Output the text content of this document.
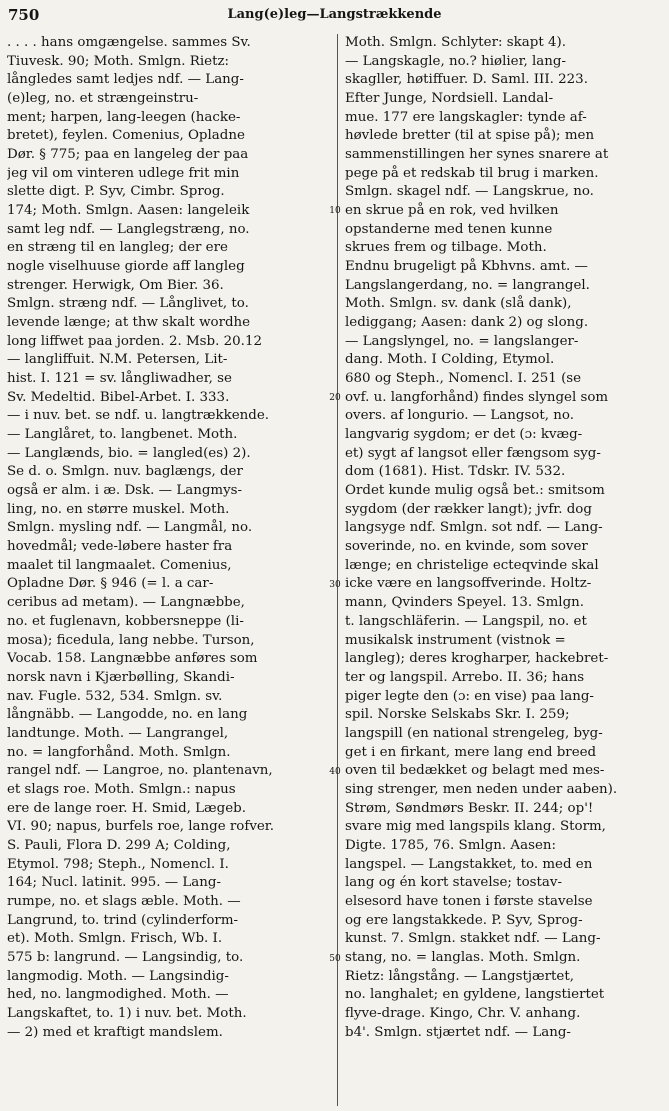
750	Lang(e)leg—Langstrækkende
. . . . hans omgængelse. sammes Sv.
Tiuvesk. 90; Moth. Smlgn. Rietz:
långledes samt ledjes ndf. — Lang-
(e)leg, no. et strængeinstru-
ment; harpen, lang-leegen (hacke-
bretet), feylen. Comenius, Opladne
Dør. § 775; paa en langeleg der paa
jeg vil om vinteren udlege frit min
slette digt. P. Syv, Cimbr. Sprog.
174; Moth. Smlgn. Aasen: langeleik
samt leg ndf. — Langlegstræng, no.
en stræng til en langleg; der ere
nogle viselhuuse giorde aff langleg
strenger. Herwigk, Om Bier. 36.
Smlgn. stræng ndf. — Långlivet, to.
levende længe; at thw skalt wordhe
long liffwet paa jorden. 2. Msb. 20.12
— langliffuit. N.M. Petersen, Lit-
hist. I. 121 = sv. långliwadher, se
Sv. Medeltid. Bibel-Arbet. I. 333.
— i nuv. bet. se ndf. u. langtrækkende.
— Langlåret, to. langbenet. Moth.
— Langlænds, bio. = langled(es) 2).
Se d. o. Smlgn. nuv. baglængs, der
også er alm. i æ. Dsk. — Langmys-
ling, no. en større muskel. Moth.
Smlgn. mysling ndf. — Langmål, no.
hovedmål; vede-løbere haster fra
maalet til langmaalet. Comenius,
Opladne Dør. § 946 (= l. a car-
ceribus ad metam). — Langnæbbe,
no. et fuglenavn, kobbersneppe (li-
mosa); ficedula, lang nebbe. Turson,
Vocab. 158. Langnæbbe anføres som
norsk navn i Kjærbølling, Skandi-
nav. Fugle. 532, 534. Smlgn. sv.
långnäbb. — Langodde, no. en lang
landtunge. Moth. — Langrangel,
no. = langforhånd. Moth. Smlgn.
rangel ndf. — Langroe, no. plantenavn,
et slags roe. Moth. Smlgn.: napus
ere de lange roer. H. Smid, Lægeb.
VI. 90; napus, burfels roe, lange rofver.
S. Pauli, Flora D. 299 A; Colding,
Etymol. 798; Steph., Nomencl. I.
164; Nucl. latinit. 995. — Lang-
rumpe, no. et slags æble. Moth. —
Langrund, to. trind (cylinderform-
et). Moth. Smlgn. Frisch, Wb. I.
575 b: langrund. — Langsindig, to.
langmodig. Moth. — Langsindig-
hed, no. langmodighed. Moth. —
Langskaftet, to. 1) i nuv. bet. Moth.
— 2) med et kraftigt mandslem.
10
20
30
40
50
Moth. Smlgn. Schlyter: skapt 4).
— Langskagle, no.? hiølier, lang-
skagller, høtiffuer. D. Saml. III. 223.
Efter Junge, Nordsiell. Landal-
mue. 177 ere langskagler: tynde af-
høvlede bretter (til at spise på); men
sammenstillingen her synes snarere at
pege på et redskab til brug i marken.
Smlgn. skagel ndf. — Langskrue, no.
en skrue på en rok, ved hvilken
opstanderne med tenen kunne
skrues frem og tilbage. Moth.
Endnu brugeligt på Kbhvns. amt. —
Langslangerdang, no. = langrangel.
Moth. Smlgn. sv. dank (slå dank),
lediggang; Aasen: dank 2) og slong.
— Langslyngel, no. = langslanger-
dang. Moth. I Colding, Etymol.
680 og Steph., Nomencl. I. 251 (se
ovf. u. langforhånd) findes slyngel som
overs. af longurio. — Langsot, no.
langvarig sygdom; er det (ɔ: kvæg-
et) sygt af langsot eller fængsom syg-
dom (1681). Hist. Tdskr. IV. 532.
Ordet kunde mulig også bet.: smitsom
sygdom (der rækker langt); jvfr. dog
langsyge ndf. Smlgn. sot ndf. — Lang-
soverinde, no. en kvinde, som sover
længe; en christelige ecteqvinde skal
icke være en langsoffverinde. Holtz-
mann, Qvinders Speyel. 13. Smlgn.
t. langschläferin. — Langspil, no. et
musikalsk instrument (vistnok =
langleg); deres krogharper, hackebret-
ter og langspil. Arrebo. II. 36; hans
piger legte den (ɔ: en vise) paa lang-
spil. Norske Selskabs Skr. I. 259;
langspill (en national strengeleg, byg-
get i en firkant, mere lang end breed
oven til bedækket og belagt med mes-
sing strenger, men neden under aaben).
Strøm, Søndmørs Beskr. II. 244; op'!
svare mig med langspils klang. Storm,
Digte. 1785, 76. Smlgn. Aasen:
langspel. — Langstakket, to. med en
lang og én kort stavelse; tostav-
elsesord have tonen i første stavelse
og ere langstakkede. P. Syv, Sprog-
kunst. 7. Smlgn. stakket ndf. — Lang-
stang, no. = langlas. Moth. Smlgn.
Rietz: långstång. — Langstjærtet,
no. langhalet; en gyldene, langstiertet
flyve-drage. Kingo, Chr. V. anhang.
b4'. Smlgn. stjærtet ndf. — Lang-
